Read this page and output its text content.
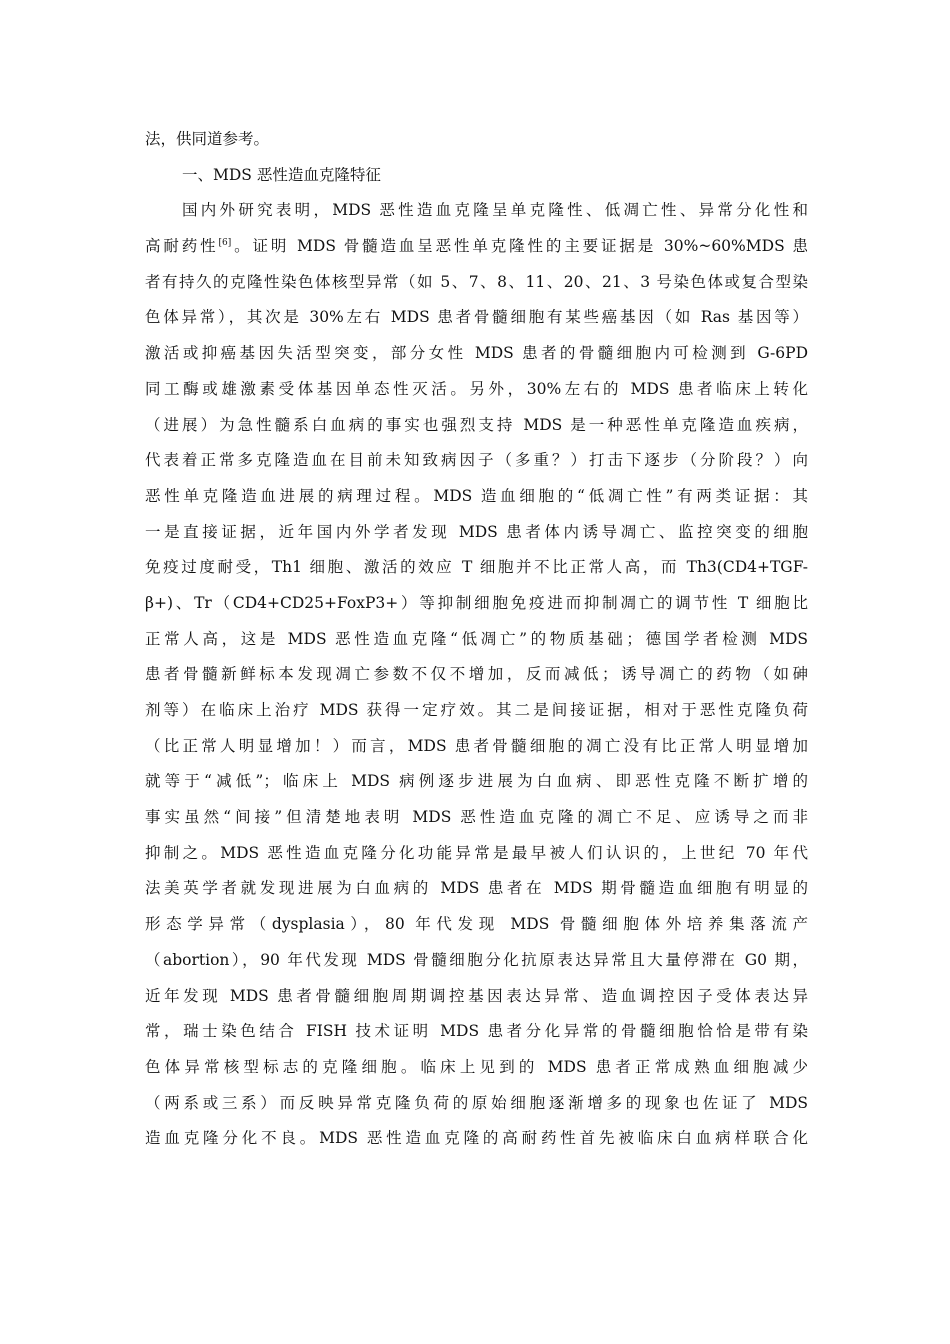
法，供同道参考。
一、MDS 恶性造血克隆特征
国内外研究表明，MDS 恶性造血克隆呈单克隆性、低凋亡性、异常分化性和
高耐药性[6]。证明 MDS 骨髓造血呈恶性单克隆性的主要证据是 30%~60%MDS 患
者有持久的克隆性染色体核型异常（如 5、7、8、11、20、21、3 号染色体或复合型染
色体异常），其次是 30%左右 MDS 患者骨髓细胞有某些癌基因（如 Ras 基因等）
激活或抑癌基因失活型突变，部分女性 MDS 患者的骨髓细胞内可检测到 G-6PD
同工酶或雄激素受体基因单态性灭活。另外，30%左右的 MDS 患者临床上转化
（进展）为急性髓系白血病的事实也强烈支持 MDS 是一种恶性单克隆造血疾病，
代表着正常多克隆造血在目前未知致病因子（多重？）打击下逐步（分阶段？）向
恶性单克隆造血进展的病理过程。MDS 造血细胞的“低凋亡性”有两类证据：其
一是直接证据，近年国内外学者发现 MDS 患者体内诱导凋亡、监控突变的细胞
免疫过度耐受，Th1 细胞、激活的效应 T 细胞并不比正常人高，而 Th3(CD4+TGF-
β+)、Tr（CD4+CD25+FoxP3+）等抑制细胞免疫进而抑制凋亡的调节性 T 细胞比
正常人高，这是 MDS 恶性造血克隆“低凋亡”的物质基础；德国学者检测 MDS
患者骨髓新鲜标本发现凋亡参数不仅不增加，反而减低；诱导凋亡的药物（如砷
剂等）在临床上治疗 MDS 获得一定疗效。其二是间接证据，相对于恶性克隆负荷
（比正常人明显增加！）而言，MDS 患者骨髓细胞的凋亡没有比正常人明显增加
就等于“减低”；临床上 MDS 病例逐步进展为白血病、即恶性克隆不断扩增的
事实虽然“间接”但清楚地表明 MDS 恶性造血克隆的凋亡不足、应诱导之而非
抑制之。MDS 恶性造血克隆分化功能异常是最早被人们认识的，上世纪 70 年代
法美英学者就发现进展为白血病的 MDS 患者在 MDS 期骨髓造血细胞有明显的
形态学异常（dysplasia），80 年代发现 MDS 骨髓细胞体外培养集落流产
（abortion），90 年代发现 MDS 骨髓细胞分化抗原表达异常且大量停滞在 G0 期，
近年发现 MDS 患者骨髓细胞周期调控基因表达异常、造血调控因子受体表达异
常，瑞士染色结合 FISH 技术证明 MDS 患者分化异常的骨髓细胞恰恰是带有染
色体异常核型标志的克隆细胞。临床上见到的 MDS 患者正常成熟血细胞减少
（两系或三系）而反映异常克隆负荷的原始细胞逐渐增多的现象也佐证了 MDS
造血克隆分化不良。MDS 恶性造血克隆的高耐药性首先被临床白血病样联合化
